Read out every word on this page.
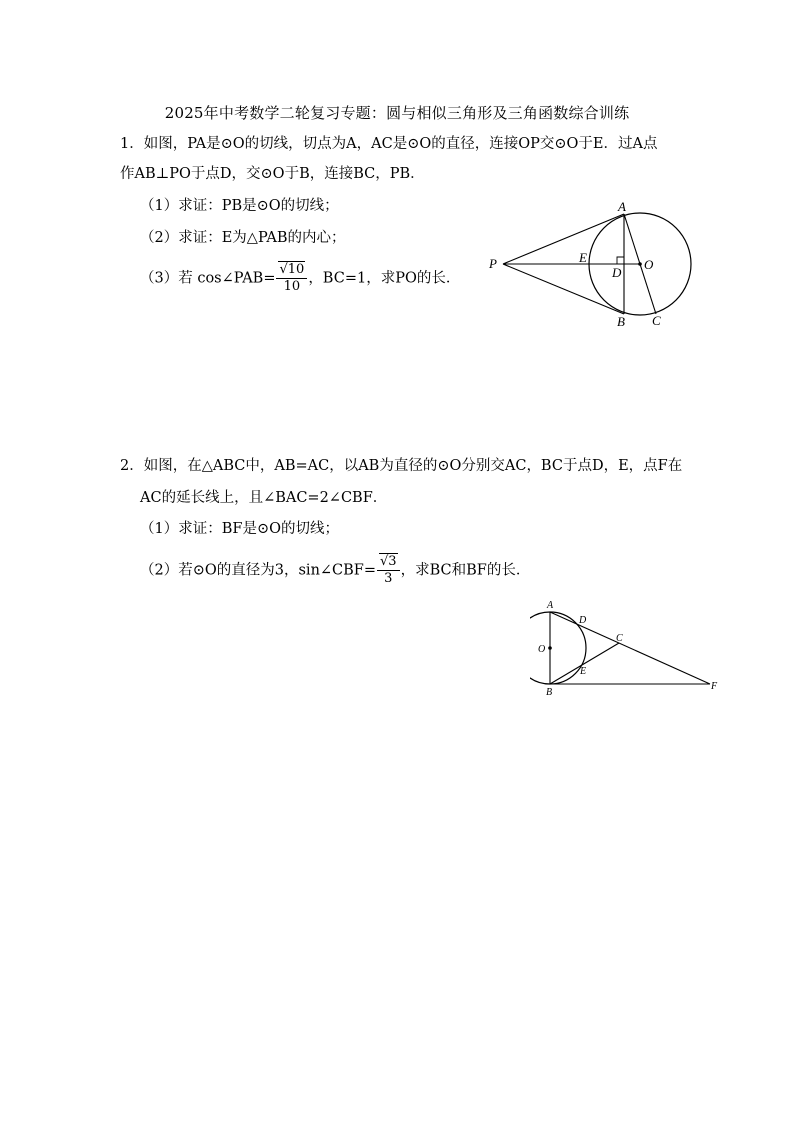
2025年中考数学二轮复习专题：圆与相似三角形及三角函数综合训练
1．如图，PA是⊙O的切线，切点为A，AC是⊙O的直径，连接OP交⊙O于E．过A点
作AB⊥PO于点D，交⊙O于B，连接BC，PB．
（1）求证：PB是⊙O的切线；
（2）求证：E为△PAB的内心；
（3）若 cos∠PAB= $\frac{√10}{10}$ ，BC=1，求PO的长．
A
P	E
D
O
B C
2．如图，在△ABC中，AB=AC，以AB为直径的⊙O分别交AC，BC于点D，E，点F在
AC的延长线上，且∠BAC=2∠CBF．
（1）求证：BF是⊙O的切线；
（2）若⊙O的直径为3，sin∠CBF= $\frac{√3}{3}$ ，求BC和BF的长．
A
D
C
O
E
B
F
